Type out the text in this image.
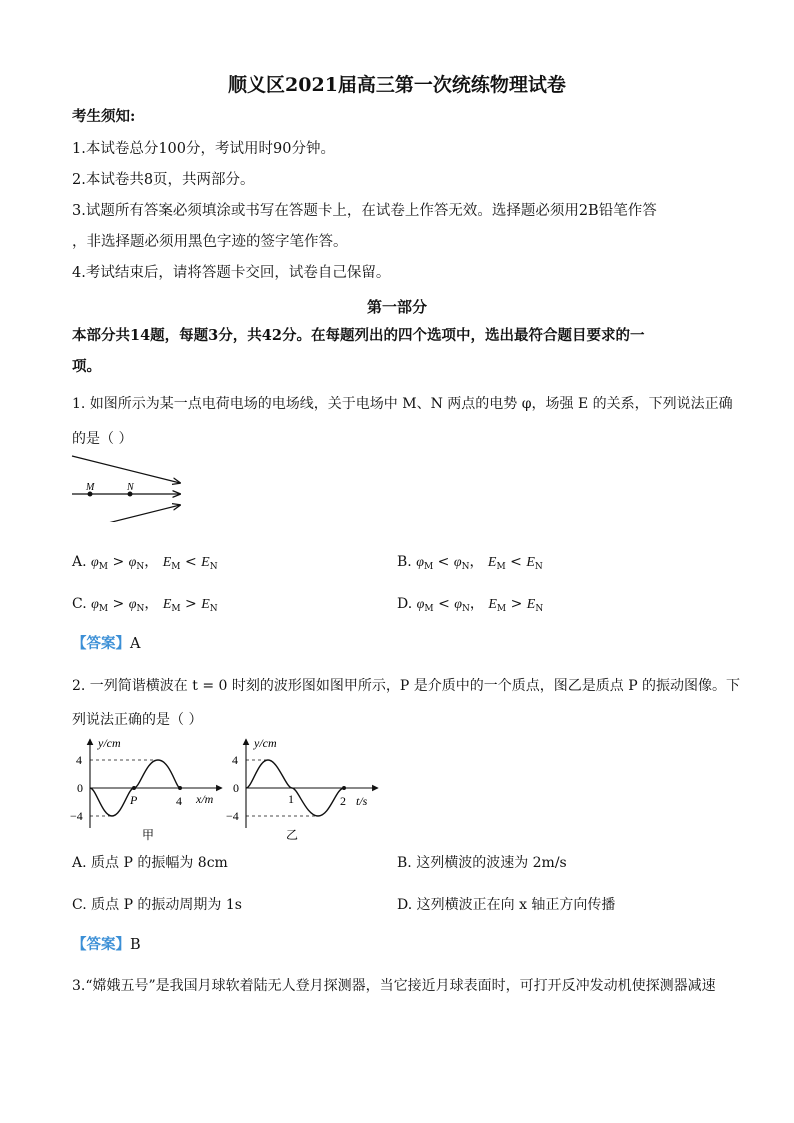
顺义区2021届高三第一次统练物理试卷
考生须知:
1.本试卷总分100分，考试用时90分钟。
2.本试卷共8页，共两部分。
3.试题所有答案必须填涂或书写在答题卡上，在试卷上作答无效。选择题必须用2B铅笔作答
，非选择题必须用黑色字迹的签字笔作答。
4.考试结束后，请将答题卡交回，试卷自己保留。
第一部分
本部分共14题，每题3分，共42分。在每题列出的四个选项中，选出最符合题目要求的一
项。
1. 如图所示为某一点电荷电场的电场线，关于电场中 M、N 两点的电势 φ，场强 E 的关系，下列说法正确
的是（ ）
M	N
A. $\varphi_M > \varphi_N$， $E_M < E_N$	B. $\varphi_M < \varphi_N$， $E_M < E_N$
C. $\varphi_M > \varphi_N$， $E_M > E_N$	D. $\varphi_M < \varphi_N$， $E_M > E_N$
【答案】A
2. 一列简谐横波在 t = 0 时刻的波形图如图甲所示，P 是介质中的一个质点，图乙是质点 P 的振动图像。下
列说法正确的是（ ）
y/cm
4
0
−4
P	4 x/m
甲
y/cm
4
0
−4
1	2 t/s
乙
A. 质点 P 的振幅为 8cm	B. 这列横波的波速为 2m/s
C. 质点 P 的振动周期为 1s	D. 这列横波正在向 x 轴正方向传播
【答案】B
3.“嫦娥五号”是我国月球软着陆无人登月探测器，当它接近月球表面时，可打开反冲发动机使探测器减速
